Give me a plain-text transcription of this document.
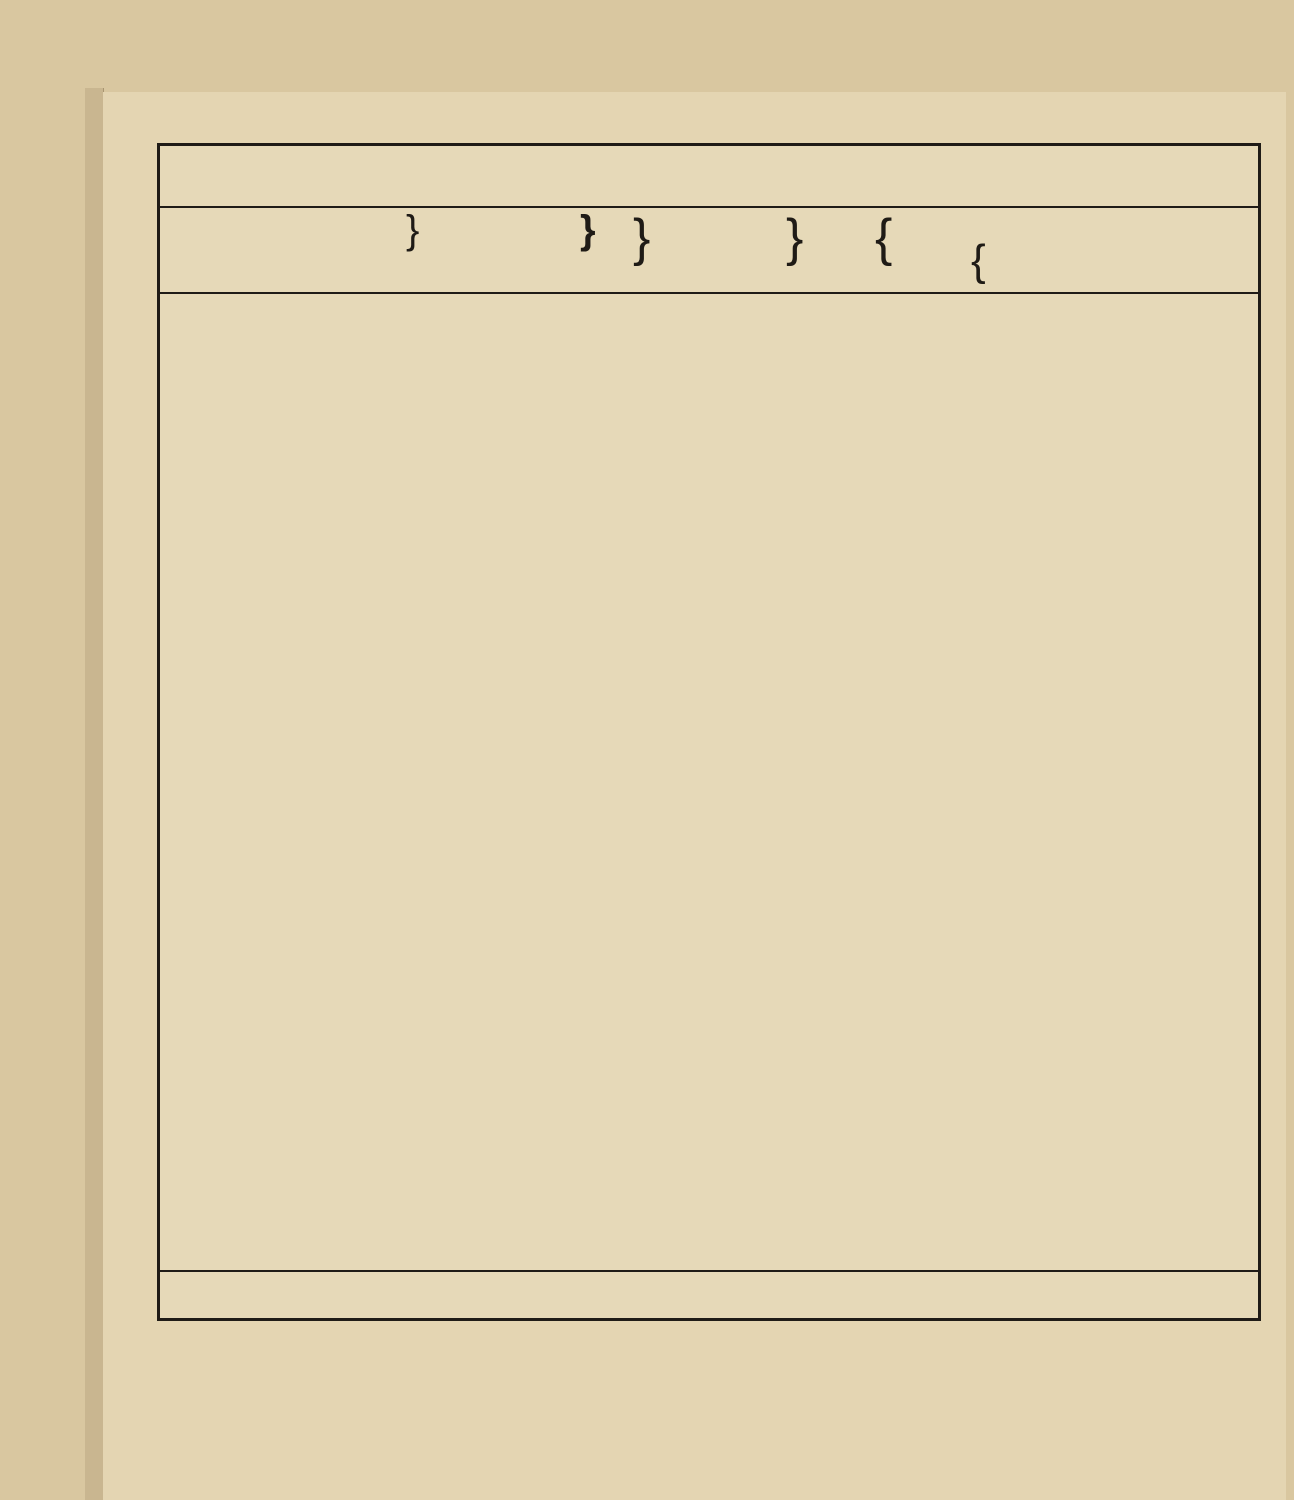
}	} }	} { {
